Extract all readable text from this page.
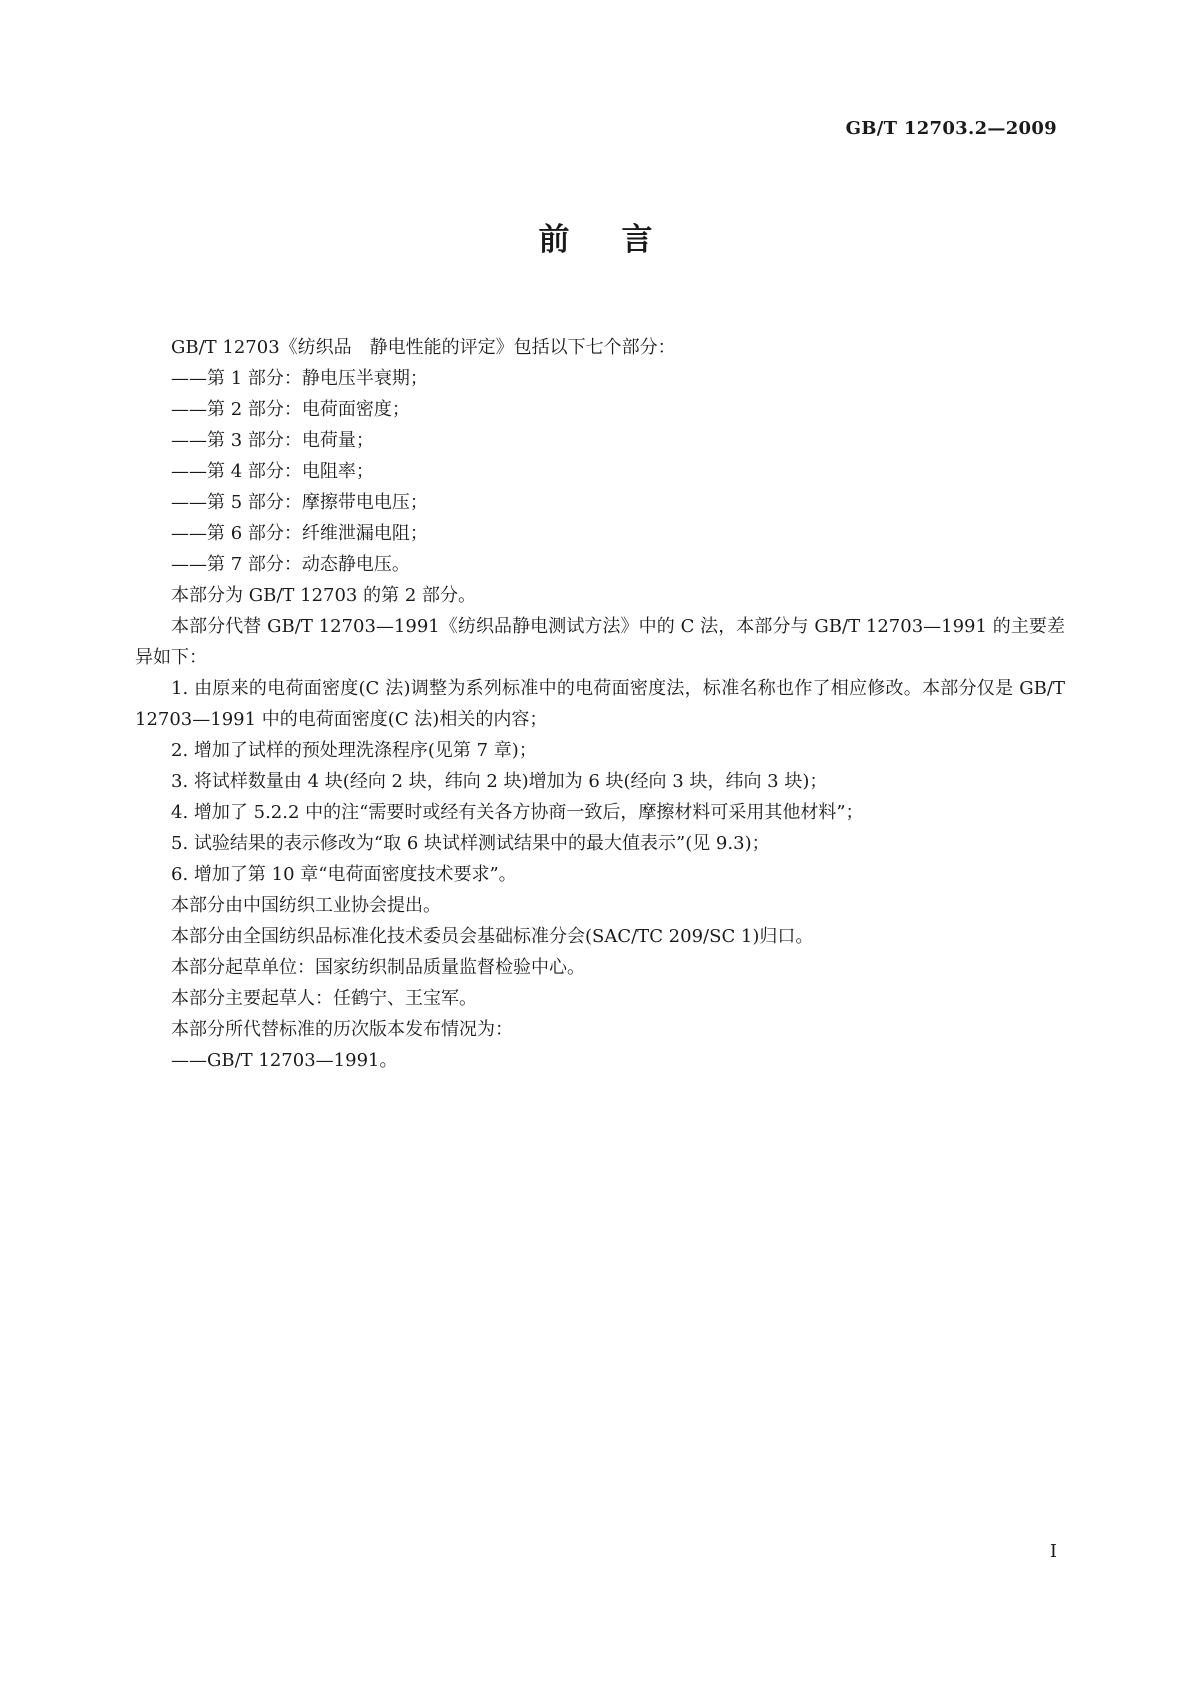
GB/T 12703.2—2009
前言

GB/T 12703《纺织品　静电性能的评定》包括以下七个部分：

——第 1 部分：静电压半衰期；

——第 2 部分：电荷面密度；

——第 3 部分：电荷量；

——第 4 部分：电阻率；

——第 5 部分：摩擦带电电压；

——第 6 部分：纤维泄漏电阻；

——第 7 部分：动态静电压。

本部分为 GB/T 12703 的第 2 部分。

本部分代替 GB/T 12703—1991《纺织品静电测试方法》中的 C 法，本部分与 GB/T 12703—1991 的主要差异如下：

1. 由原来的电荷面密度(C 法)调整为系列标准中的电荷面密度法，标准名称也作了相应修改。本部分仅是 GB/T 12703—1991 中的电荷面密度(C 法)相关的内容；

2. 增加了试样的预处理洗涤程序(见第 7 章)；

3. 将试样数量由 4 块(经向 2 块，纬向 2 块)增加为 6 块(经向 3 块，纬向 3 块)；

4. 增加了 5.2.2 中的注“需要时或经有关各方协商一致后，摩擦材料可采用其他材料”；

5. 试验结果的表示修改为“取 6 块试样测试结果中的最大值表示”(见 9.3)；

6. 增加了第 10 章“电荷面密度技术要求”。

本部分由中国纺织工业协会提出。

本部分由全国纺织品标准化技术委员会基础标准分会(SAC/TC 209/SC 1)归口。

本部分起草单位：国家纺织制品质量监督检验中心。

本部分主要起草人：任鹤宁、王宝军。

本部分所代替标准的历次版本发布情况为：

——GB/T 12703—1991。

I
